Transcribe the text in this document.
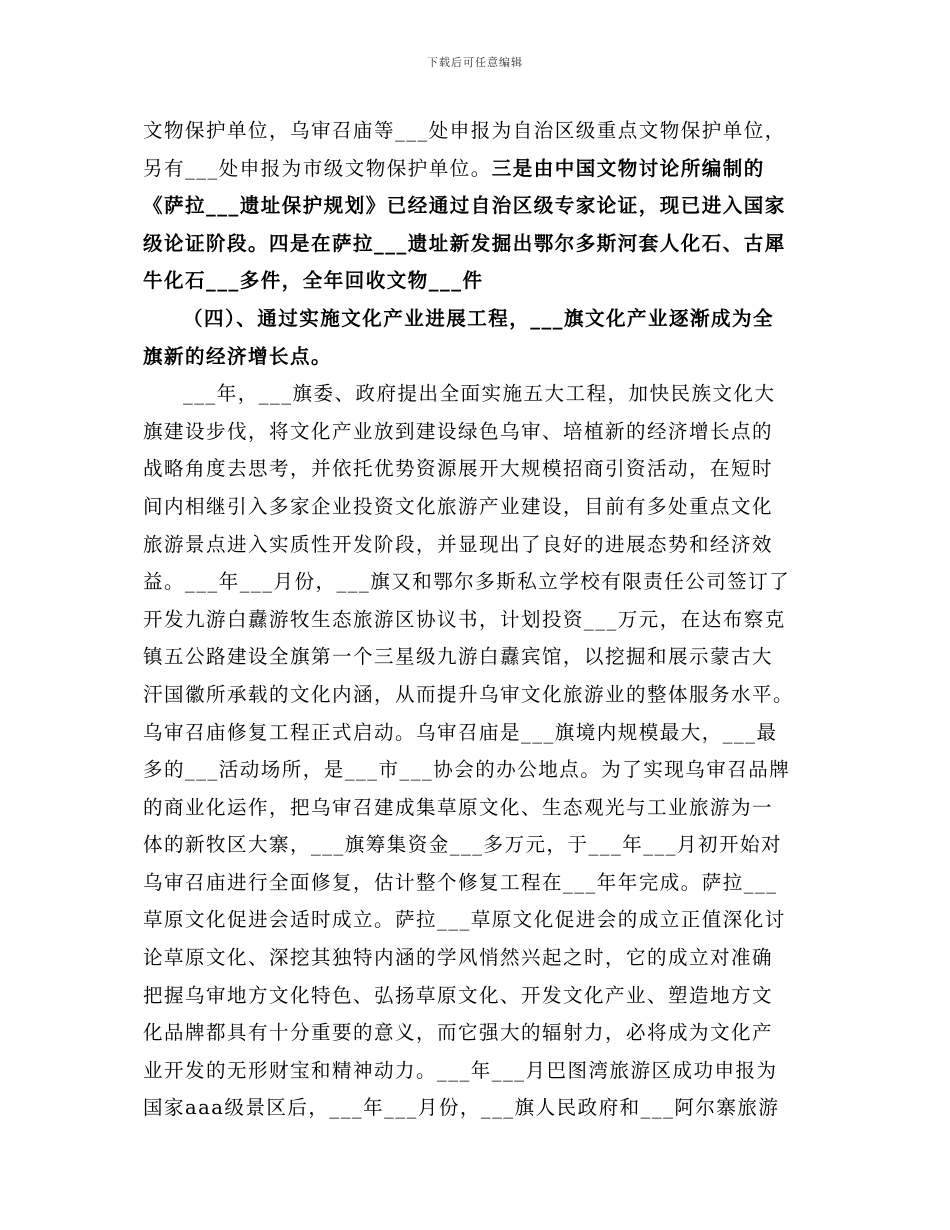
下载后可任意编辑
文物保护单位，乌审召庙等___处申报为自治区级重点文物保护单位，
另有___处申报为市级文物保护单位。三是由中国文物讨论所编制的
《萨拉___遗址保护规划》已经通过自治区级专家论证，现已进入国家
级论证阶段。四是在萨拉___遗址新发掘出鄂尔多斯河套人化石、古犀
牛化石___多件，全年回收文物___件
（四）、通过实施文化产业进展工程，___旗文化产业逐渐成为全
旗新的经济增长点。
___年，___旗委、政府提出全面实施五大工程，加快民族文化大
旗建设步伐，将文化产业放到建设绿色乌审、培植新的经济增长点的
战略角度去思考，并依托优势资源展开大规模招商引资活动，在短时
间内相继引入多家企业投资文化旅游产业建设，目前有多处重点文化
旅游景点进入实质性开发阶段，并显现出了良好的进展态势和经济效
益。___年___月份，___旗又和鄂尔多斯私立学校有限责任公司签订了
开发九游白纛游牧生态旅游区协议书，计划投资___万元，在达布察克
镇五公路建设全旗第一个三星级九游白纛宾馆，以挖掘和展示蒙古大
汗国徽所承载的文化内涵，从而提升乌审文化旅游业的整体服务水平。
乌审召庙修复工程正式启动。乌审召庙是___旗境内规模最大，___最
多的___活动场所，是___市___协会的办公地点。为了实现乌审召品牌
的商业化运作，把乌审召建成集草原文化、生态观光与工业旅游为一
体的新牧区大寨，___旗筹集资金___多万元，于___年___月初开始对
乌审召庙进行全面修复，估计整个修复工程在___年年完成。萨拉___
草原文化促进会适时成立。萨拉___草原文化促进会的成立正值深化讨
论草原文化、深挖其独特内涵的学风悄然兴起之时，它的成立对准确
把握乌审地方文化特色、弘扬草原文化、开发文化产业、塑造地方文
化品牌都具有十分重要的意义，而它强大的辐射力，必将成为文化产
业开发的无形财宝和精神动力。___年___月巴图湾旅游区成功申报为
国家aaa级景区后，___年___月份，___旗人民政府和___阿尔寨旅游
